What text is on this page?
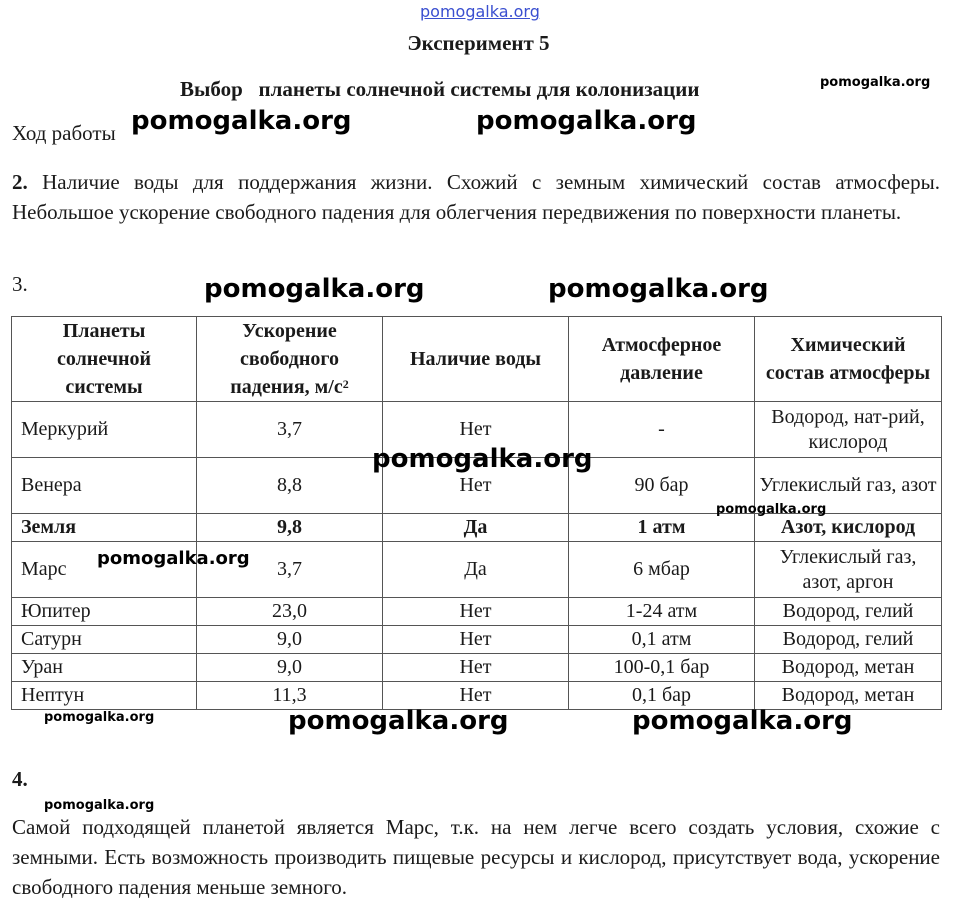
pomogalka.org
pomogalka.org
pomogalka.org	pomogalka.org
pomogalka.org	pomogalka.org
Эксперимент 5
Выбор   планеты солнечной системы для колонизации
Ход работы
2. Наличие воды для поддержания жизни. Схожий с земным химический состав атмосферы. Небольшое ускорение свободного падения для облегчения передвижения по поверхности планеты.
3.
Планеты солнечной системы	Ускорение свободного падения, $м/с^2$	Наличие воды	Атмосферное давление	Химический состав атмосферы
Меркурий	3,7	Нет	-	Водород, нат-рий, кислород
Венера	8,8	Нет	90 бар	Углекислый газ, азот
Земля	9,8	Да	1 атм	Азот, кислород
Марс	3,7	Да	6 мбар	Углекислый газ, азот, аргон
Юпитер	23,0	Нет	1-24 атм	Водород, гелий
Сатурн	9,0	Нет	0,1 атм	Водород, гелий
Уран	9,0	Нет	100-0,1 бар	Водород, метан
Нептун	11,3	Нет	0,1 бар	Водород, метан
pomogalka.org
pomogalka.org
pomogalka.org
pomogalka.org	pomogalka.org	pomogalka.org
4.
pomogalka.org
Самой подходящей планетой является Марс, т.к. на нем легче всего создать условия, схожие с земными. Есть возможность производить пищевые ресурсы и кислород, присутствует вода, ускорение свободного падения меньше земного.
